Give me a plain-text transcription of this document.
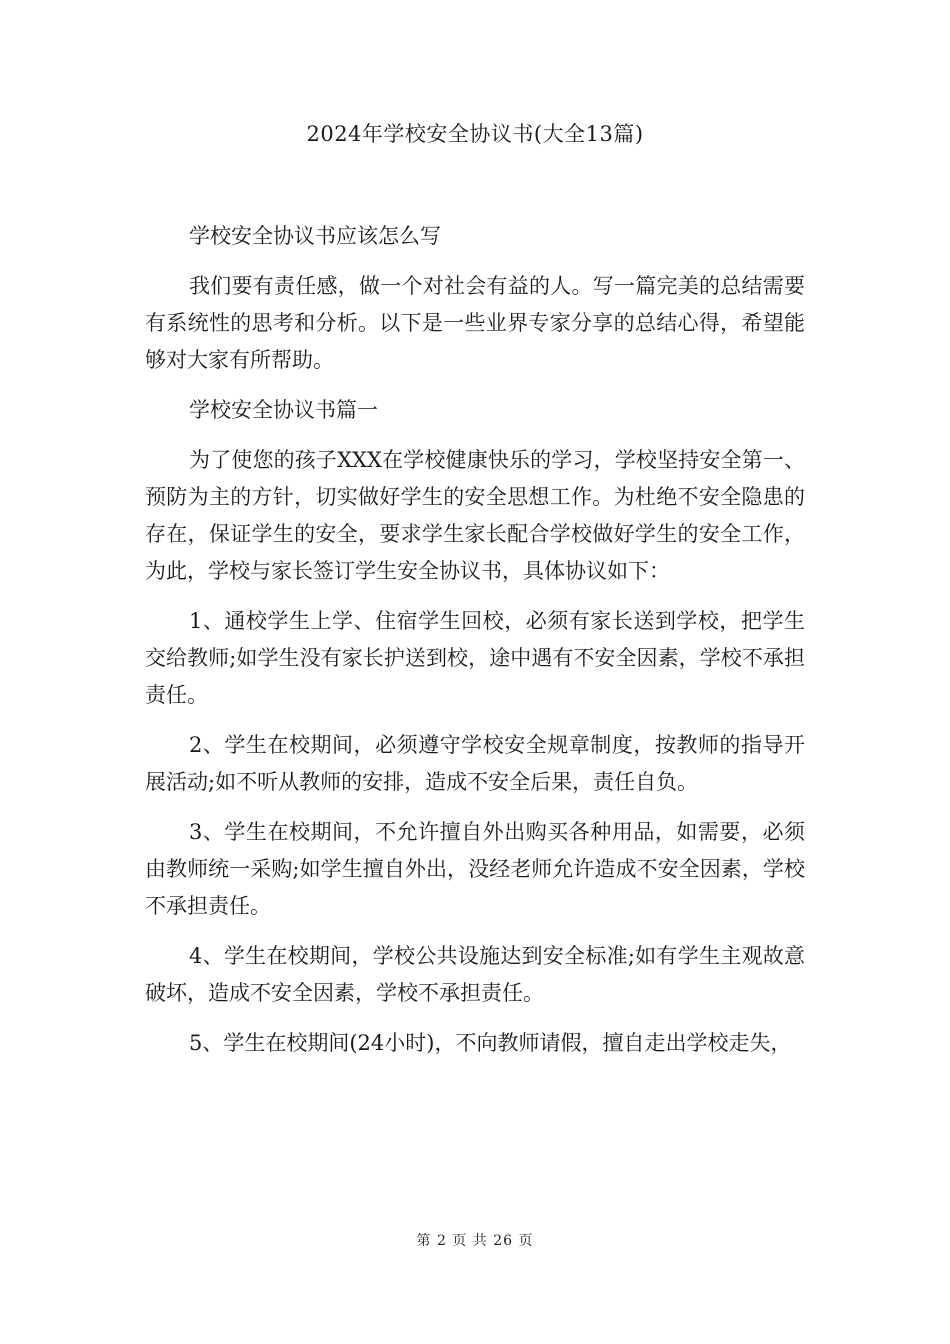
2024年学校安全协议书(大全13篇)

学校安全协议书应该怎么写

我们要有责任感，做一个对社会有益的人。写一篇完美的总结需要有系统性的思考和分析。以下是一些业界专家分享的总结心得，希望能够对大家有所帮助。

学校安全协议书篇一

为了使您的孩子XXX在学校健康快乐的学习，学校坚持安全第一、预防为主的方针，切实做好学生的安全思想工作。为杜绝不安全隐患的存在，保证学生的安全，要求学生家长配合学校做好学生的安全工作，为此，学校与家长签订学生安全协议书，具体协议如下：

1、通校学生上学、住宿学生回校，必须有家长送到学校，把学生交给教师;如学生没有家长护送到校，途中遇有不安全因素，学校不承担责任。

2、学生在校期间，必须遵守学校安全规章制度，按教师的指导开展活动;如不听从教师的安排，造成不安全后果，责任自负。

3、学生在校期间，不允许擅自外出购买各种用品，如需要，必须由教师统一采购;如学生擅自外出，没经老师允许造成不安全因素，学校不承担责任。

4、学生在校期间，学校公共设施达到安全标准;如有学生主观故意破坏，造成不安全因素，学校不承担责任。

5、学生在校期间(24小时)，不向教师请假，擅自走出学校走失，

第 2 页 共 26 页
